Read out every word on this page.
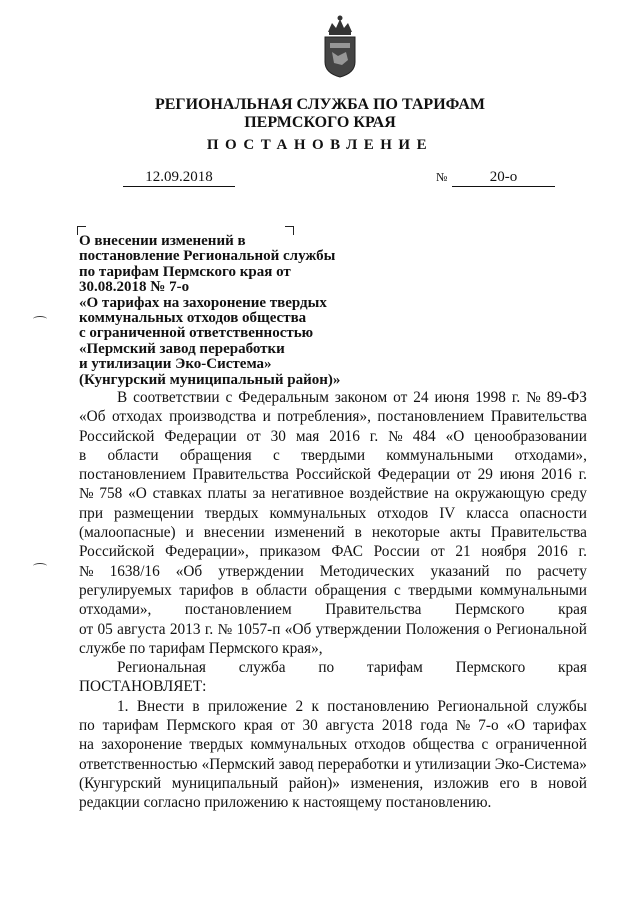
РЕГИОНАЛЬНАЯ СЛУЖБА ПО ТАРИФАМ
ПЕРМСКОГО КРАЯ
ПОСТАНОВЛЕНИЕ
12.09.2018	№	20-о
О внесении изменений в
постановление Региональной службы
по тарифам Пермского края от
30.08.2018 № 7-о
«О тарифах на захоронение твердых
коммунальных отходов общества
с ограниченной ответственностью
«Пермский завод переработки
и утилизации Эко-Система»
(Кунгурский муниципальный район)»
В соответствии с Федеральным законом от 24 июня 1998 г. № 89-ФЗ
«Об отходах производства и потребления», постановлением Правительства
Российской Федерации от 30 мая 2016 г. № 484 «О ценообразовании
в области обращения с твердыми коммунальными отходами»,
постановлением Правительства Российской Федерации от 29 июня 2016 г.
№ 758 «О ставках платы за негативное воздействие на окружающую среду
при размещении твердых коммунальных отходов IV класса опасности
(малоопасные) и внесении изменений в некоторые акты Правительства
Российской Федерации», приказом ФАС России от 21 ноября 2016 г.
№ 1638/16 «Об утверждении Методических указаний по расчету
регулируемых тарифов в области обращения с твердыми коммунальными
отходами», постановлением Правительства Пермского края
от 05 августа 2013 г. № 1057-п «Об утверждении Положения о Региональной
службе по тарифам Пермского края»,
Региональная служба по тарифам Пермского края
ПОСТАНОВЛЯЕТ:
1. Внести в приложение 2 к постановлению Региональной службы
по тарифам Пермского края от 30 августа 2018 года № 7-о «О тарифах
на захоронение твердых коммунальных отходов общества с ограниченной
ответственностью «Пермский завод переработки и утилизации Эко-Система»
(Кунгурский муниципальный район)» изменения, изложив его в новой
редакции согласно приложению к настоящему постановлению.
